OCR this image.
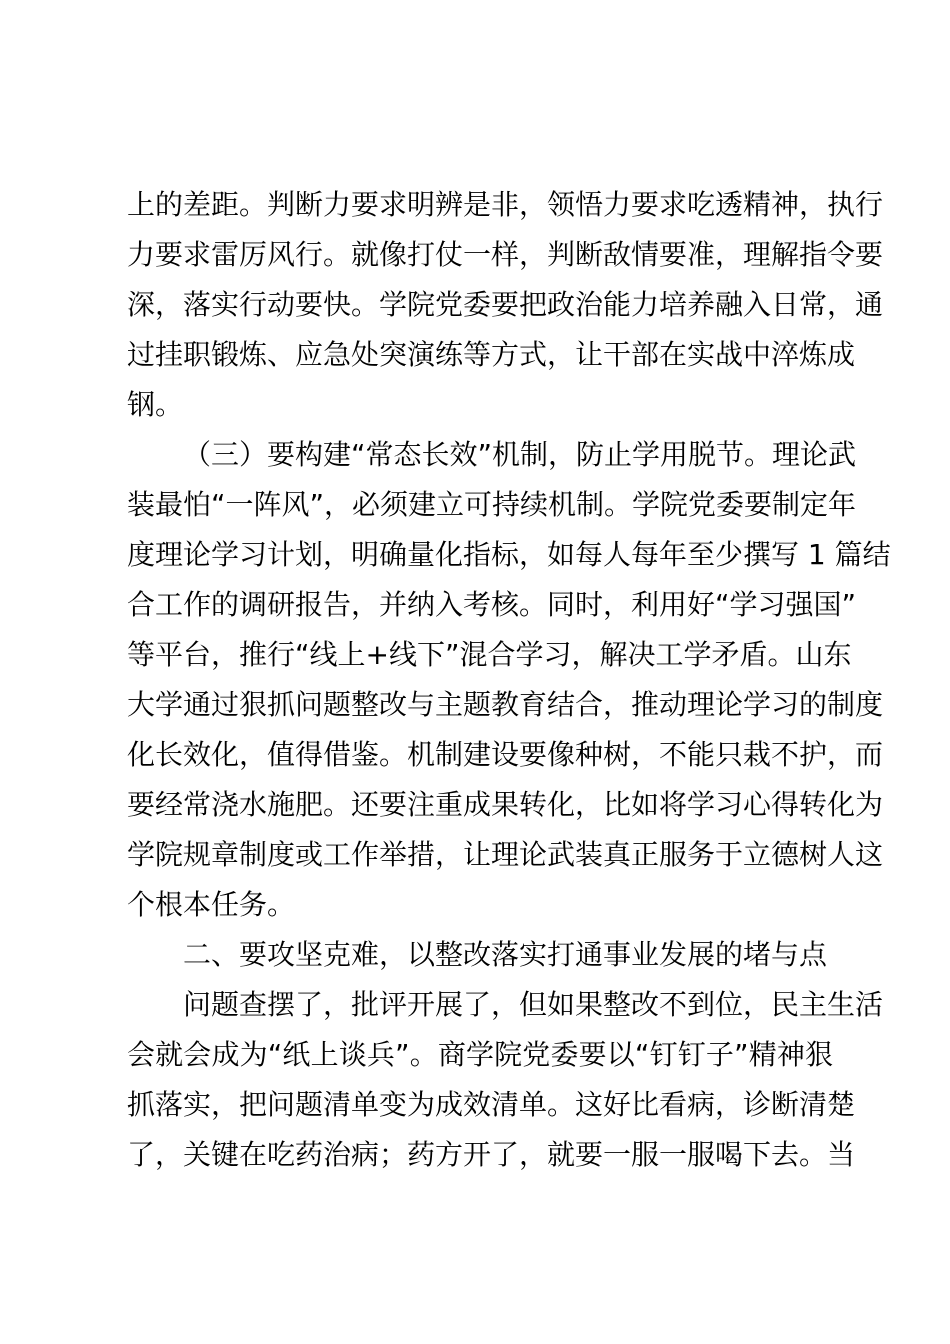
上的差距。判断力要求明辨是非，领悟力要求吃透精神，执行
力要求雷厉风行。就像打仗一样，判断敌情要准，理解指令要
深，落实行动要快。学院党委要把政治能力培养融入日常，通
过挂职锻炼、应急处突演练等方式，让干部在实战中淬炼成
钢。
（三）要构建“常态长效”机制，防止学用脱节。理论武
装最怕“一阵风”，必须建立可持续机制。学院党委要制定年
度理论学习计划，明确量化指标，如每人每年至少撰写 1 篇结
合工作的调研报告，并纳入考核。同时，利用好“学习强国”
等平台，推行“线上+线下”混合学习，解决工学矛盾。山东
大学通过狠抓问题整改与主题教育结合，推动理论学习的制度
化长效化，值得借鉴。机制建设要像种树，不能只栽不护，而
要经常浇水施肥。还要注重成果转化，比如将学习心得转化为
学院规章制度或工作举措，让理论武装真正服务于立德树人这
个根本任务。
二、要攻坚克难，以整改落实打通事业发展的堵与点
问题查摆了，批评开展了，但如果整改不到位，民主生活
会就会成为“纸上谈兵”。商学院党委要以“钉钉子”精神狠
抓落实，把问题清单变为成效清单。这好比看病，诊断清楚
了，关键在吃药治病；药方开了，就要一服一服喝下去。当
